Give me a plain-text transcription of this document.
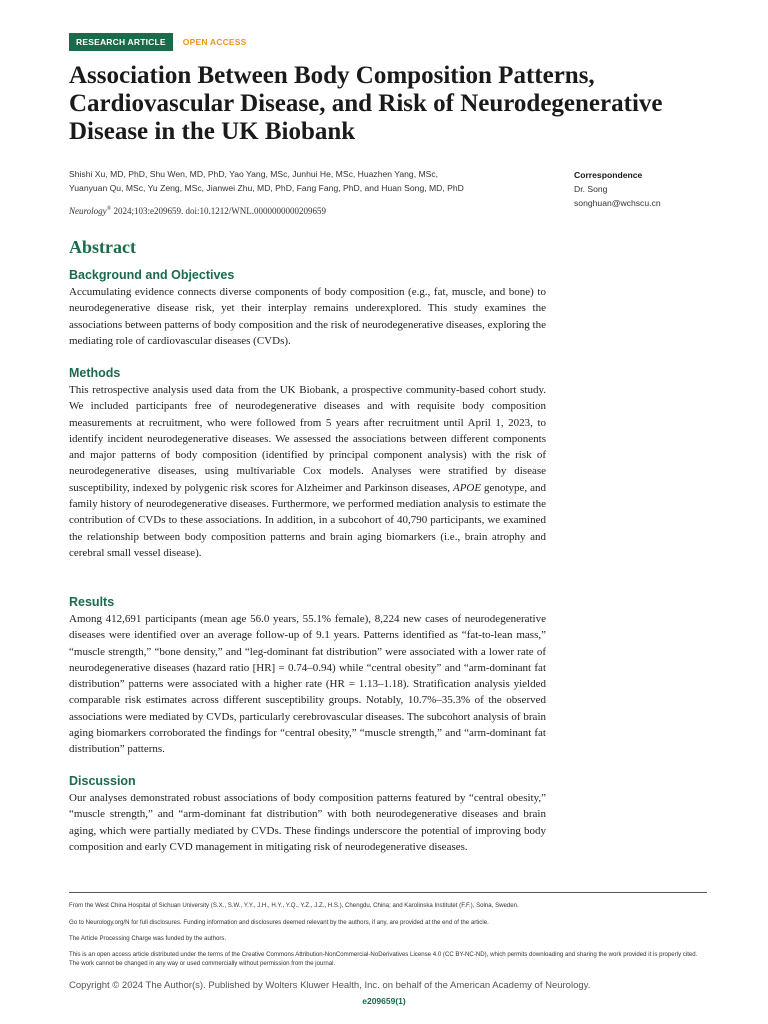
RESEARCH ARTICLE	OPEN ACCESS
Association Between Body Composition Patterns, Cardiovascular Disease, and Risk of Neurodegenerative Disease in the UK Biobank
Shishi Xu, MD, PhD, Shu Wen, MD, PhD, Yao Yang, MSc, Junhui He, MSc, Huazhen Yang, MSc,
Yuanyuan Qu, MSc, Yu Zeng, MSc, Jianwei Zhu, MD, PhD, Fang Fang, PhD, and Huan Song, MD, PhD
Neurology® 2024;103:e209659. doi:10.1212/WNL.0000000000209659
Correspondence
Dr. Song
songhuan@wchscu.cn
Abstract
Background and Objectives

Accumulating evidence connects diverse components of body composition (e.g., fat, muscle, and bone) to neurodegenerative disease risk, yet their interplay remains underexplored. This study examines the associations between patterns of body composition and the risk of neurodegenerative diseases, exploring the mediating role of cardiovascular diseases (CVDs).

Methods

This retrospective analysis used data from the UK Biobank, a prospective community-based cohort study. We included participants free of neurodegenerative diseases and with requisite body composition measurements at recruitment, who were followed from 5 years after recruitment until April 1, 2023, to identify incident neurodegenerative diseases. We assessed the associations between different components and major patterns of body composition (identified by principal component analysis) with the risk of neurodegenerative diseases, using multivariable Cox models. Analyses were stratified by disease susceptibility, indexed by polygenic risk scores for Alzheimer and Parkinson diseases, APOE genotype, and family history of neurodegenerative diseases. Furthermore, we performed mediation analysis to estimate the contribution of CVDs to these associations. In addition, in a subcohort of 40,790 participants, we examined the relationship between body composition patterns and brain aging biomarkers (i.e., brain atrophy and cerebral small vessel disease).

Results

Among 412,691 participants (mean age 56.0 years, 55.1% female), 8,224 new cases of neurodegenerative diseases were identified over an average follow-up of 9.1 years. Patterns identified as “fat-to-lean mass,” “muscle strength,” “bone density,” and “leg-dominant fat distribution” were associated with a lower rate of neurodegenerative diseases (hazard ratio [HR] = 0.74–0.94) while “central obesity” and “arm-dominant fat distribution” patterns were associated with a higher rate (HR = 1.13–1.18). Stratification analysis yielded comparable risk estimates across different susceptibility groups. Notably, 10.7%–35.3% of the observed associations were mediated by CVDs, particularly cerebrovascular diseases. The subcohort analysis of brain aging biomarkers corroborated the findings for “central obesity,” “muscle strength,” and “arm-dominant fat distribution” patterns.

Discussion

Our analyses demonstrated robust associations of body composition patterns featured by “central obesity,” “muscle strength,” and “arm-dominant fat distribution” with both neurodegenerative diseases and brain aging, which were partially mediated by CVDs. These findings underscore the potential of improving body composition and early CVD management in mitigating risk of neurodegenerative diseases.

From the West China Hospital of Sichuan University (S.X., S.W., Y.Y., J.H., H.Y., Y.Q., Y.Z., J.Z., H.S.), Chengdu, China; and Karolinska Institutet (F.F.), Solna, Sweden.
Go to Neurology.org/N for full disclosures. Funding information and disclosures deemed relevant by the authors, if any, are provided at the end of the article.
The Article Processing Charge was funded by the authors.
This is an open access article distributed under the terms of the Creative Commons Attribution-NonCommercial-NoDerivatives License 4.0 (CC BY-NC-ND), which permits downloading and sharing the work provided it is properly cited. The work cannot be changed in any way or used commercially without permission from the journal.
Copyright © 2024 The Author(s). Published by Wolters Kluwer Health, Inc. on behalf of the American Academy of Neurology.
e209659(1)
